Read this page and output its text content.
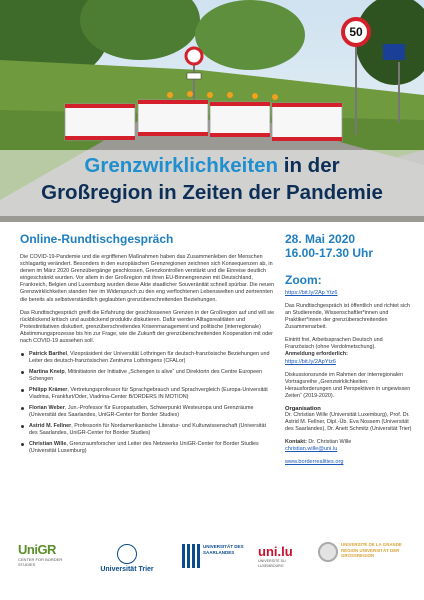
50
Grenzwirklichkeiten in der
Großregion in Zeiten der Pandemie
Online-Rundtischgespräch

Die COVID-19-Pandemie und die ergriffenen Maßnahmen haben das Zusammenleben der Menschen schlagartig verändert. Besonders in den europäischen Grenzregionen zeichnen sich Konsequenzen ab, in denen im März 2020 Grenzübergänge geschlossen, Grenzkontrollen verstärkt und die Einreise deutlich eingeschränkt wurden. Vor allem in der Großregion mit ihren EU-Binnengrenzen mit Deutschland, Frankreich, Belgien und Luxemburg wurden diese Akte staatlicher Souveränität schnell spürbar. Die neuen Grenzwirklichkeiten standen hier im Widerspruch zu den eng verflochtenen Lebenswelten und zertrennten die bereits als selbstverständlich geglaubten grenzüberschreitenden Beziehungen.

Das Rundtischgespräch greift die Erfahrung der geschlossenen Grenzen in der Großregion auf und will sie rückblickend kritisch und ausblickend produktiv diskutieren. Dafür werden Alltagsrealitäten und Protestinitiativen diskutiert, grenzüberschreitendes Krisenmanagement und politische (interregionale) Abstimmungsprozesse bis hin zur Frage, wie die Zukunft der grenzüberschreitenden Kooperation mit oder nach COVID-19 aussehen soll.

Patrick Barthel, Vizepräsident der Universität Lothringen für deutsch-französische Beziehungen und Leiter des deutsch-französischen Zentrums Lothringens (CFALor)
Martina Kneip, Mitinitiatorin der Initiative „Schengen is alive“ und Direktorin des Centre Europeen Schengen
Philipp Krämer, Vertretungsprofessor für Sprachgebrauch und Sprachvergleich (Europa-Universität Viadrina, Frankfurt/Oder, Viadrina-Center B/ORDERS IN MOTION)
Florian Weber, Jun.-Professor für Europastudien, Schwerpunkt Westeuropa und Grenzräume (Universität des Saarlandes, UniGR-Center for Border Studies)
Astrid M. Fellner, Professorin für Nordamerikanische Literatur- und Kulturwissenschaft (Universität des Saarlandes, UniGR-Center for Border Studies)
Christian Wille, Grenzraumforscher und Leiter des Netzwerks UniGR-Center for Border Studies (Universität Luxemburg)
28. Mai 2020
16.00-17.30 Uhr
Zoom:
https://bit.ly/2Ap Ytz6

Das Rundtischgespräch ist öffentlich und richtet sich an Studierende, Wissenschaftler*innen und Praktiker*innen der grenzüberschreitenden Zusammenarbeit.

Eintritt frei, Arbeitssprachen Deutsch und Französisch (ohne Verdolmetschung).
Anmeldung erforderlich:

https://bit.ly/2ApYtz6

Diskussionsrunde im Rahmen der interregionalen Vortragsreihe „Grenzwirklichkeiten: Herausforderungen und Perspektiven in ungewissen Zeiten“ (2019-2020).

Organisation

Dr. Christian Wille (Universität Luxemburg), Prof. Dr. Astrid M. Fellner, Dipl.-Üb. Eva Nossem (Universität des Saarlandes), Dr. Anett Schmitz (Universität Trier)

Kontakt: Dr. Christian Wille

christian.wille@uni.lu
www.borderrealities.org
UniGR
CENTER FOR BORDER STUDIES
Universität Trier
UNIVERSITÄT DES SAARLANDES	uni.lu
UNIVERSITÉ DU LUXEMBOURG
UNIVERSITÉ DE LA GRANDE RÉGION UNIVERSITÄT DER GROSSREGION
